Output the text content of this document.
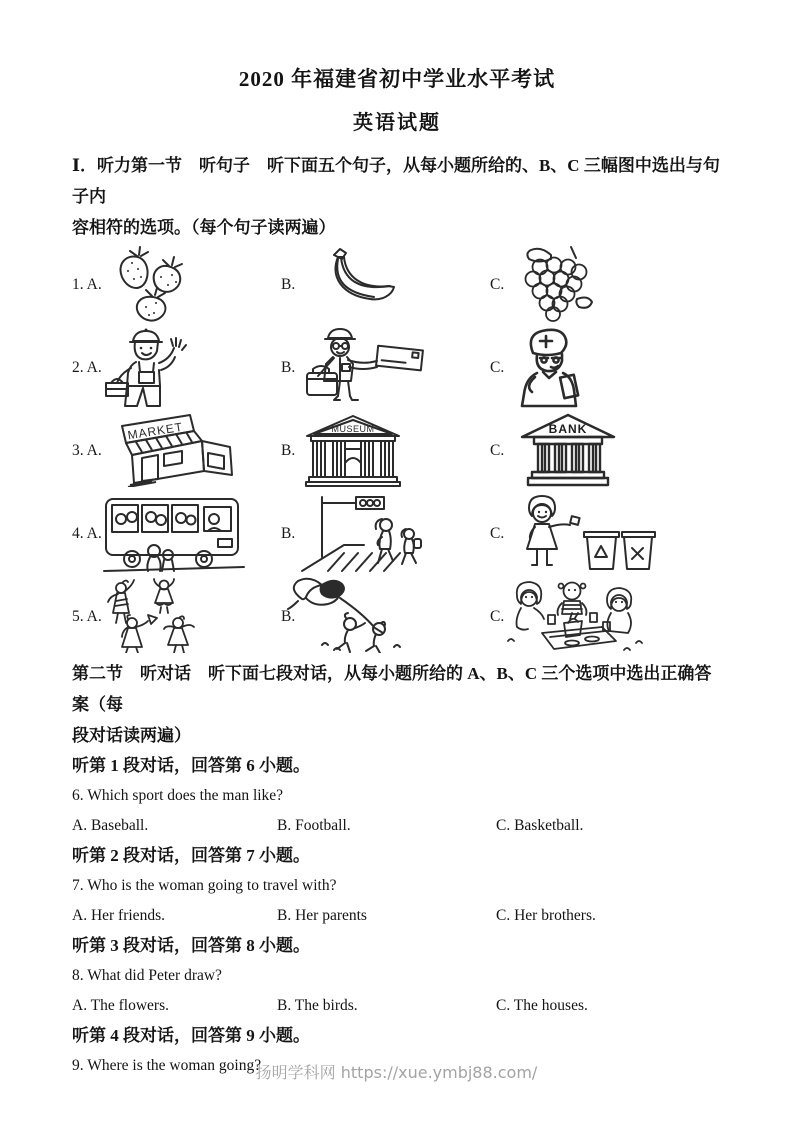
2020 年福建省初中学业水平考试
英语试题
Ⅰ．听力第一节　听句子　听下面五个句子，从每小题所给的、B、C 三幅图中选出与句子内
容相符的选项。（每个句子读两遍）
1. A.	B.	C.
2. A.	B.	C.
3. A.	B.	C.
MARKET	MUSEUM	BANK
4. A.	B.	C.
5. A.	B.	C.
第二节　听对话　听下面七段对话，从每小题所给的 A、B、C 三个选项中选出正确答案（每
段对话读两遍）

听第 1 段对话，回答第 6 小题。

6. Which sport does the man like?

A. Baseball.	B. Football.	C. Basketball.

听第 2 段对话，回答第 7 小题。

7. Who is the woman going to travel with?

A. Her friends.	B. Her parents	C. Her brothers.

听第 3 段对话，回答第 8 小题。

8. What did Peter draw?

A. The flowers.	B. The birds.	C. The houses.

听第 4 段对话，回答第 9 小题。

9. Where is the woman going?

扬明学科网 https://xue.ymbj88.com/
